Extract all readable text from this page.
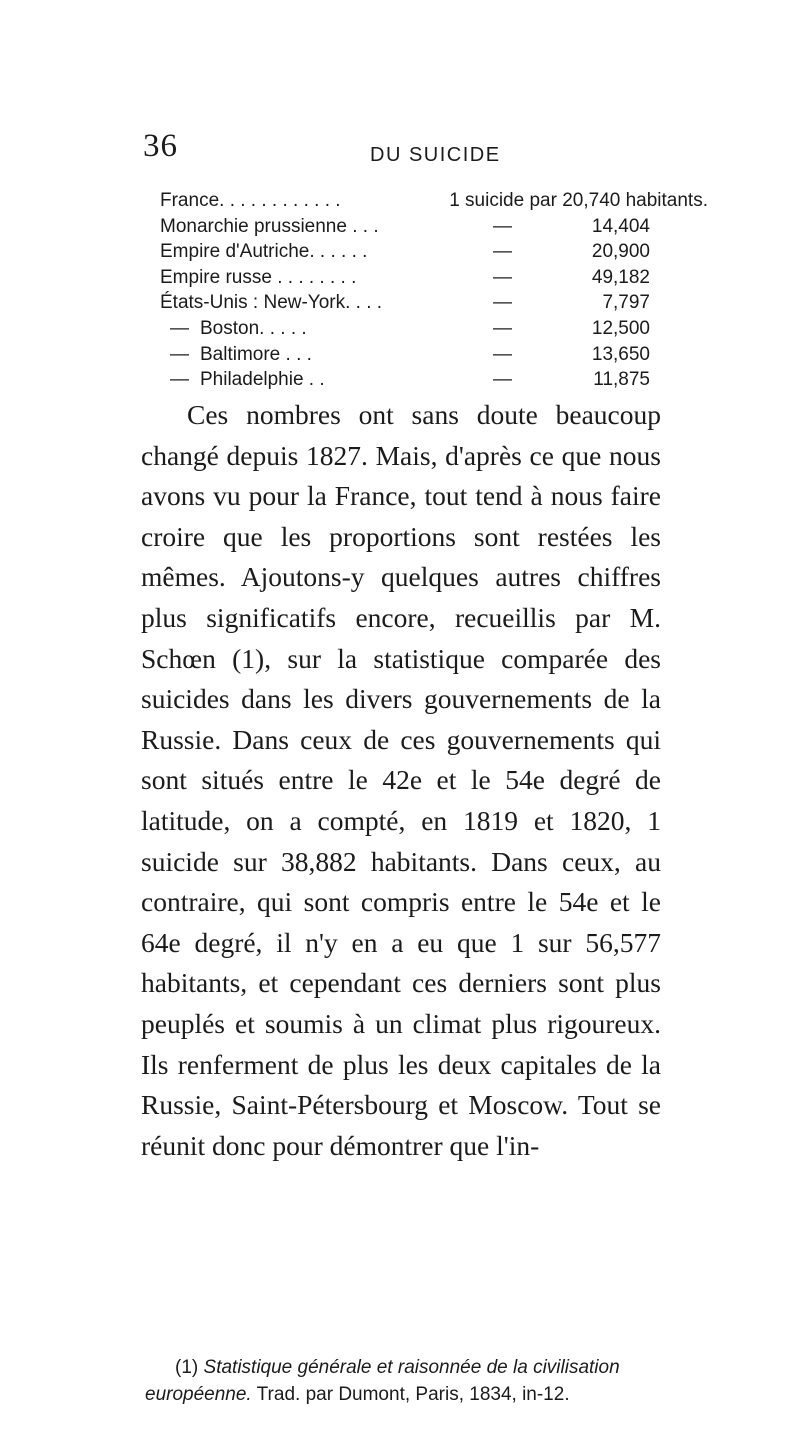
36	DU SUICIDE
France. . . . . . . . . . . .	1 suicide par 20,740 habitants.
Monarchie prussienne . . .	—	14,404
Empire d'Autriche. . . . . .	—	20,900
Empire russe . . . . . . . .	—	49,182
États-Unis : New-York. . . .	—	7,797
— Boston. . . . .	—	12,500
— Baltimore . . .	—	13,650
— Philadelphie . .	—	11,875

Ces nombres ont sans doute beaucoup changé depuis 1827. Mais, d'après ce que nous avons vu pour la France, tout tend à nous faire croire que les proportions sont restées les mêmes. Ajoutons-y quelques autres chiffres plus significatifs encore, recueillis par M. Schœn (1), sur la statistique comparée des suicides dans les divers gouvernements de la Russie. Dans ceux de ces gouvernements qui sont situés entre le 42e et le 54e degré de latitude, on a compté, en 1819 et 1820, 1 suicide sur 38,882 habitants. Dans ceux, au contraire, qui sont compris entre le 54e et le 64e degré, il n'y en a eu que 1 sur 56,577 habitants, et cependant ces derniers sont plus peuplés et soumis à un climat plus rigoureux. Ils renferment de plus les deux capitales de la Russie, Saint-Pétersbourg et Moscow. Tout se réunit donc pour démontrer que l'in-

(1) Statistique générale et raisonnée de la civilisation européenne. Trad. par Dumont, Paris, 1834, in-12.
